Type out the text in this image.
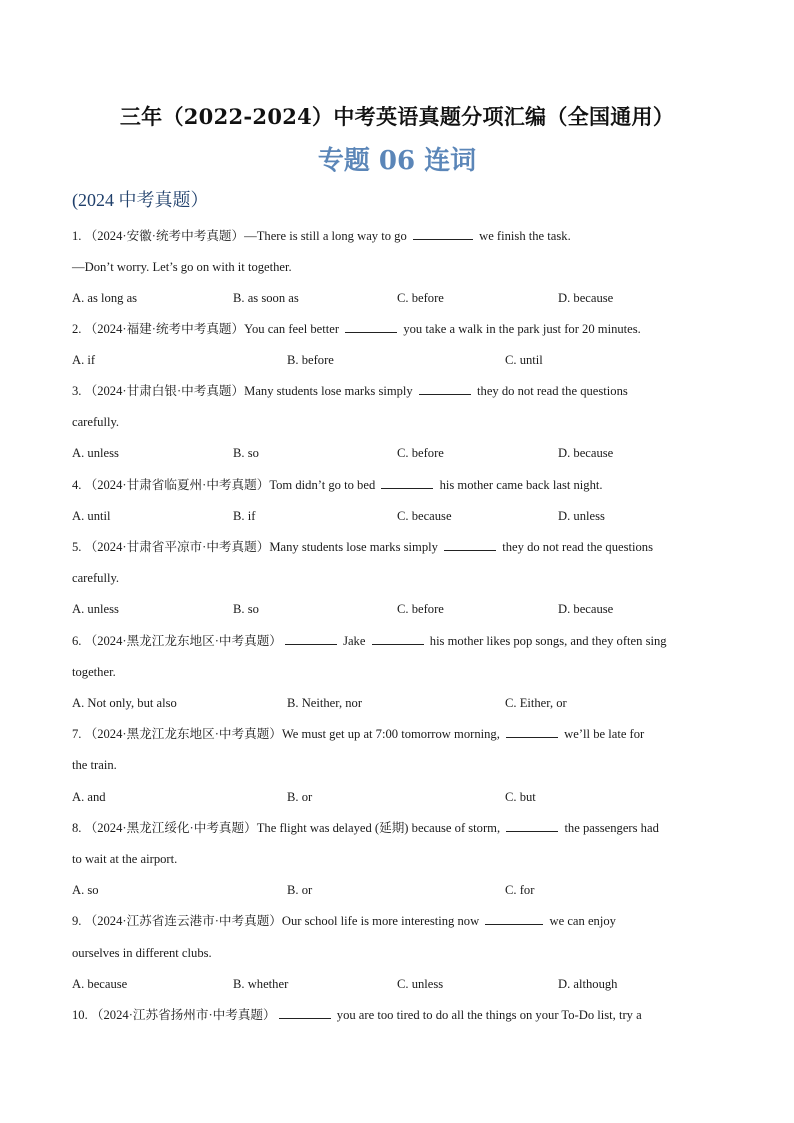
三年（2022-2024）中考英语真题分项汇编（全国通用）
专题 06 连词
(2024 中考真题）
1. （2024·安徽·统考中考真题）—There is still a long way to go	we finish the task.
—Don’t worry. Let’s go on with it together.
A. as long as	B. as soon as	C. before	D. because
2. （2024·福建·统考中考真题）You can feel better	you take a walk in the park just for 20 minutes.
A. if	B. before	C. until
3. （2024·甘肃白银·中考真题）Many students lose marks simply	they do not read the questions
carefully.
A. unless	B. so	C. before	D. because
4. （2024·甘肃省临夏州·中考真题）Tom didn’t go to bed	his mother came back last night.
A. until	B. if	C. because	D. unless
5. （2024·甘肃省平凉市·中考真题）Many students lose marks simply	they do not read the questions
carefully.
A. unless	B. so	C. before	D. because
6. （2024·黑龙江龙东地区·中考真题）	Jake	his mother likes pop songs, and they often sing
together.
A. Not only, but also	B. Neither, nor	C. Either, or
7. （2024·黑龙江龙东地区·中考真题）We must get up at 7:00 tomorrow morning,	we’ll be late for
the train.
A. and	B. or	C. but
8. （2024·黑龙江绥化·中考真题）The flight was delayed (延期) because of storm,	the passengers had
to wait at the airport.
A. so	B. or	C. for
9. （2024·江苏省连云港市·中考真题）Our school life is more interesting now	we can enjoy
ourselves in different clubs.
A. because	B. whether	C. unless	D. although
10. （2024·江苏省扬州市·中考真题）	you are too tired to do all the things on your To-Do list, try a
